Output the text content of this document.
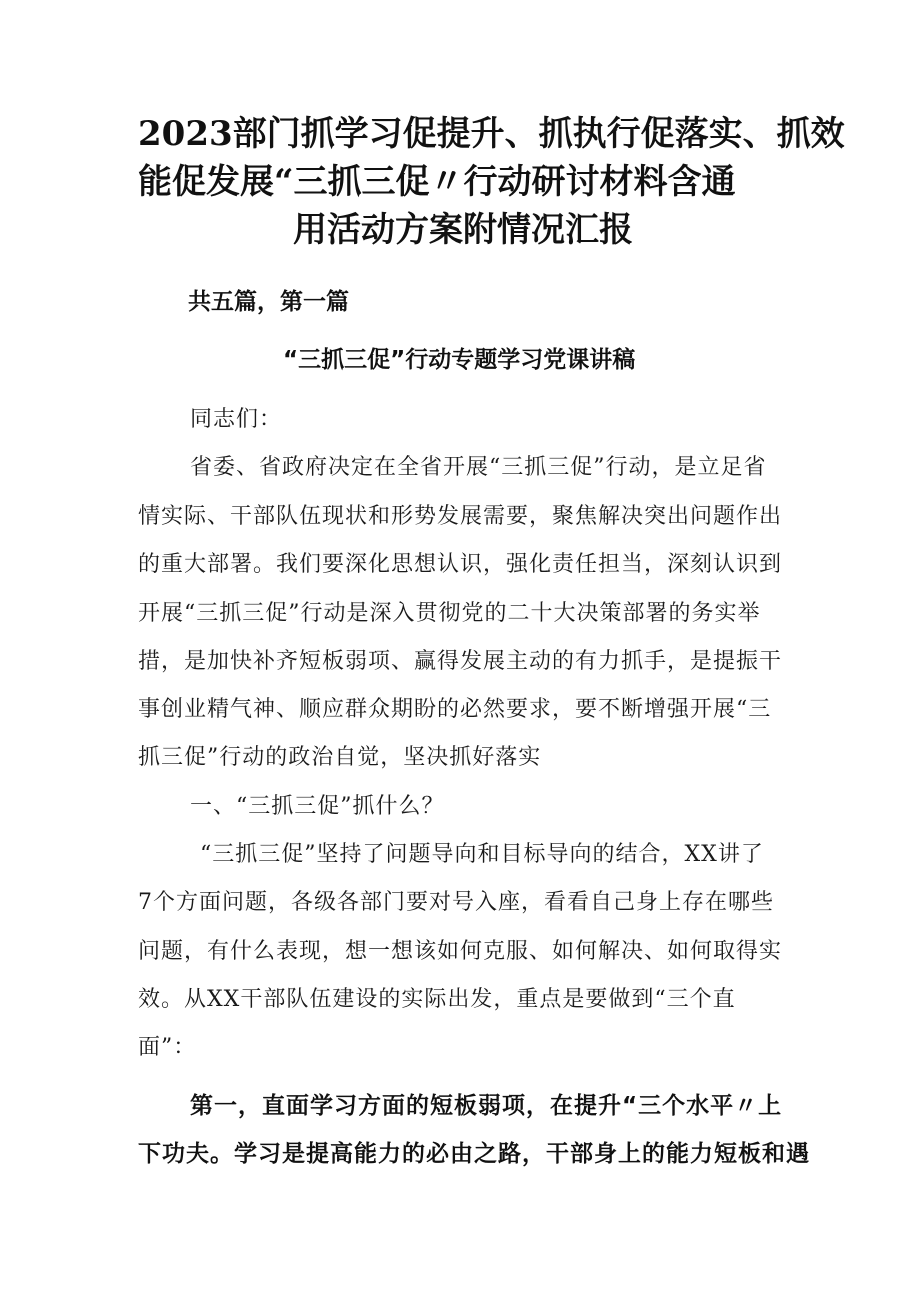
2023部门抓学习促提升、抓执行促落实、抓效
能促发展“三抓三促〃行动研讨材料含通
用活动方案附情况汇报
共五篇，第一篇
“三抓三促”行动专题学习党课讲稿
同志们：
省委、省政府决定在全省开展“三抓三促”行动，是立足省
情实际、干部队伍现状和形势发展需要，聚焦解决突出问题作出
的重大部署。我们要深化思想认识，强化责任担当，深刻认识到
开展“三抓三促”行动是深入贯彻党的二十大决策部署的务实举
措，是加快补齐短板弱项、赢得发展主动的有力抓手，是提振干
事创业精气神、顺应群众期盼的必然要求，要不断增强开展“三
抓三促”行动的政治自觉，坚决抓好落实
一、“三抓三促”抓什么？
“三抓三促”坚持了问题导向和目标导向的结合，XX讲了
7个方面问题，各级各部门要对号入座，看看自己身上存在哪些
问题，有什么表现，想一想该如何克服、如何解决、如何取得实
效。从XX干部队伍建设的实际出发，重点是要做到“三个直
面”：
第一，直面学习方面的短板弱项，在提升“三个水平〃上
下功夫。学习是提高能力的必由之路，干部身上的能力短板和遇
